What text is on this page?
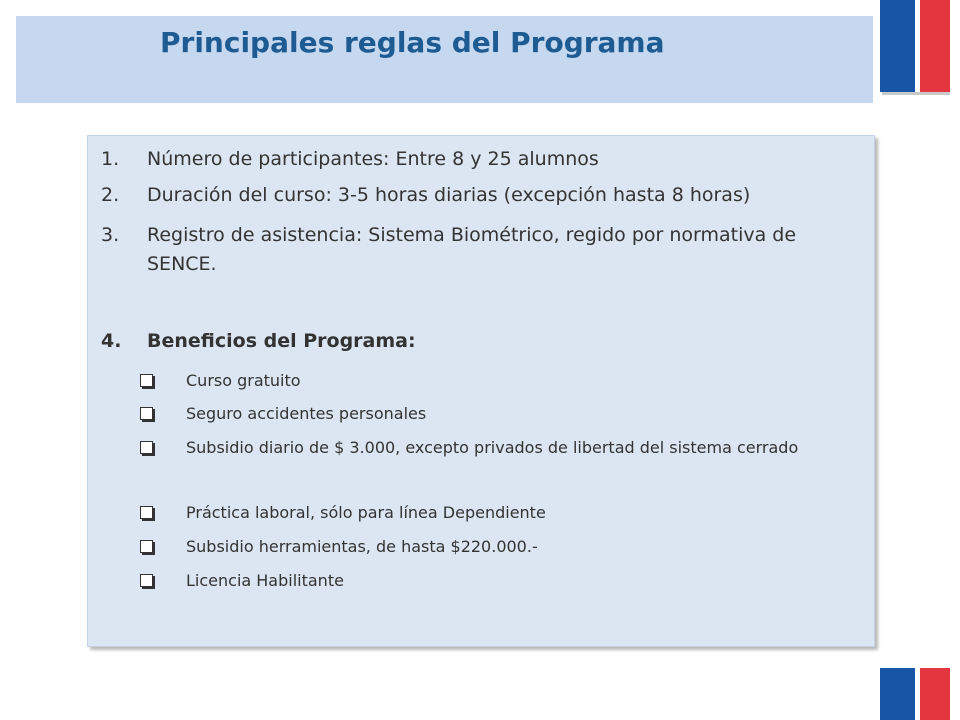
Principales reglas del Programa
1. Número de participantes: Entre 8 y 25 alumnos
2. Duración del curso: 3-5 horas diarias (excepción hasta 8 horas)
3. Registro de asistencia: Sistema Biométrico, regido por normativa de SENCE.
4. Beneficios del Programa:
Curso gratuito
Seguro accidentes personales
Subsidio diario de $ 3.000, excepto privados de libertad del sistema cerrado
Práctica laboral, sólo para línea Dependiente
Subsidio herramientas, de hasta $220.000.-
Licencia Habilitante
